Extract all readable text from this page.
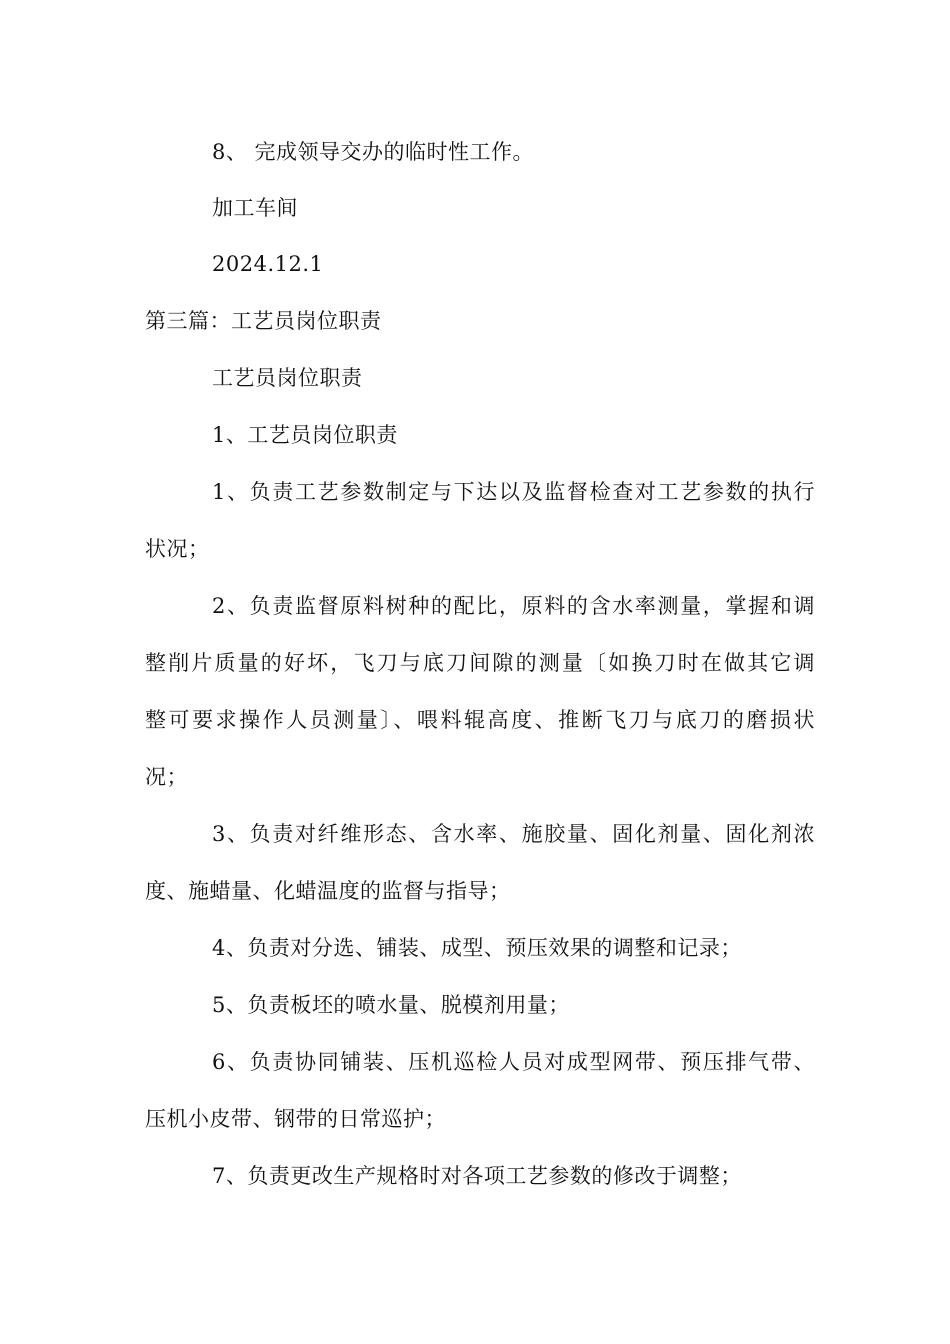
8、 完成领导交办的临时性工作。

加工车间

2024.12.1

第三篇：工艺员岗位职责

工艺员岗位职责

1、工艺员岗位职责

1、负责工艺参数制定与下达以及监督检查对工艺参数的执行

状况；

2、负责监督原料树种的配比，原料的含水率测量，掌握和调

整削片质量的好坏，飞刀与底刀间隙的测量〔如换刀时在做其它调

整可要求操作人员测量〕、喂料辊高度、推断飞刀与底刀的磨损状

况；

3、负责对纤维形态、含水率、施胶量、固化剂量、固化剂浓

度、施蜡量、化蜡温度的监督与指导；

4、负责对分选、铺装、成型、预压效果的调整和记录；

5、负责板坯的喷水量、脱模剂用量；

6、负责协同铺装、压机巡检人员对成型网带、预压排气带、

压机小皮带、钢带的日常巡护；

7、负责更改生产规格时对各项工艺参数的修改于调整；
